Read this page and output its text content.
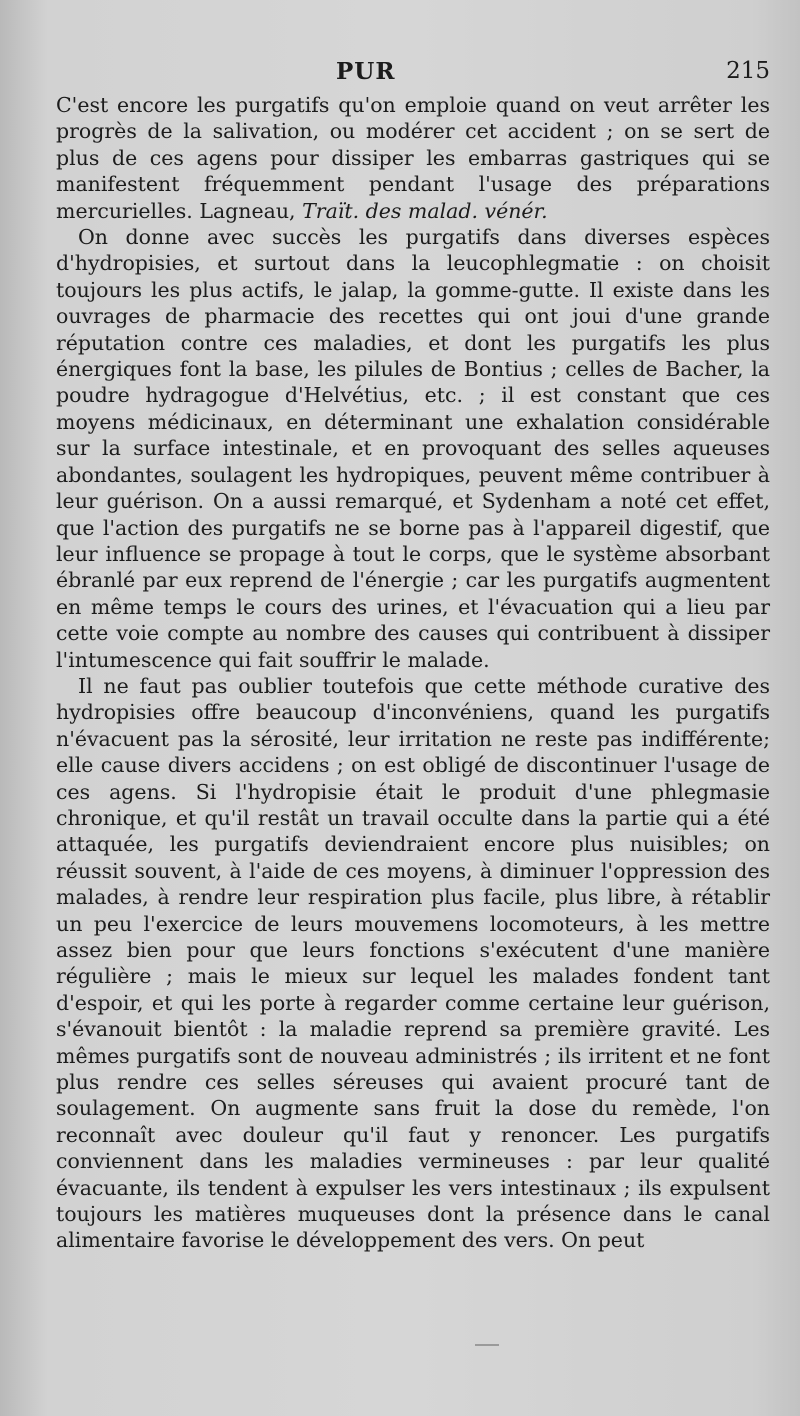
PUR	215

C'est encore les purgatifs qu'on emploie quand on veut arrêter les progrès de la salivation, ou modérer cet accident ; on se sert de plus de ces agens pour dissiper les embarras gastriques qui se manifestent fréquemment pendant l'usage des préparations mercurielles. Lagneau, Traït. des malad. vénér.

On donne avec succès les purgatifs dans diverses espèces d'hydropisies, et surtout dans la leucophlegmatie : on choisit toujours les plus actifs, le jalap, la gomme-gutte. Il existe dans les ouvrages de pharmacie des recettes qui ont joui d'une grande réputation contre ces maladies, et dont les purgatifs les plus énergiques font la base, les pilules de Bontius ; celles de Bacher, la poudre hydragogue d'Helvétius, etc. ; il est constant que ces moyens médicinaux, en déterminant une exhalation considérable sur la surface intestinale, et en provoquant des selles aqueuses abondantes, soulagent les hydropiques, peuvent même contribuer à leur guérison. On a aussi remarqué, et Sydenham a noté cet effet, que l'action des purgatifs ne se borne pas à l'appareil digestif, que leur influence se propage à tout le corps, que le système absorbant ébranlé par eux reprend de l'énergie ; car les purgatifs augmentent en même temps le cours des urines, et l'évacuation qui a lieu par cette voie compte au nombre des causes qui contribuent à dissiper l'intumescence qui fait souffrir le malade.

Il ne faut pas oublier toutefois que cette méthode curative des hydropisies offre beaucoup d'inconvéniens, quand les purgatifs n'évacuent pas la sérosité, leur irritation ne reste pas indifférente; elle cause divers accidens ; on est obligé de discontinuer l'usage de ces agens. Si l'hydropisie était le produit d'une phlegmasie chronique, et qu'il restât un travail occulte dans la partie qui a été attaquée, les purgatifs deviendraient encore plus nuisibles; on réussit souvent, à l'aide de ces moyens, à diminuer l'oppression des malades, à rendre leur respiration plus facile, plus libre, à rétablir un peu l'exercice de leurs mouvemens locomoteurs, à les mettre assez bien pour que leurs fonctions s'exécutent d'une manière régulière ; mais le mieux sur lequel les malades fondent tant d'espoir, et qui les porte à regarder comme certaine leur guérison, s'évanouit bientôt : la maladie reprend sa première gravité. Les mêmes purgatifs sont de nouveau administrés ; ils irritent et ne font plus rendre ces selles séreuses qui avaient procuré tant de soulagement. On augmente sans fruit la dose du remède, l'on reconnaît avec douleur qu'il faut y renoncer. Les purgatifs conviennent dans les maladies vermineuses : par leur qualité évacuante, ils tendent à expulser les vers intestinaux ; ils expulsent toujours les matières muqueuses dont la présence dans le canal alimentaire favorise le développement des vers. On peut
